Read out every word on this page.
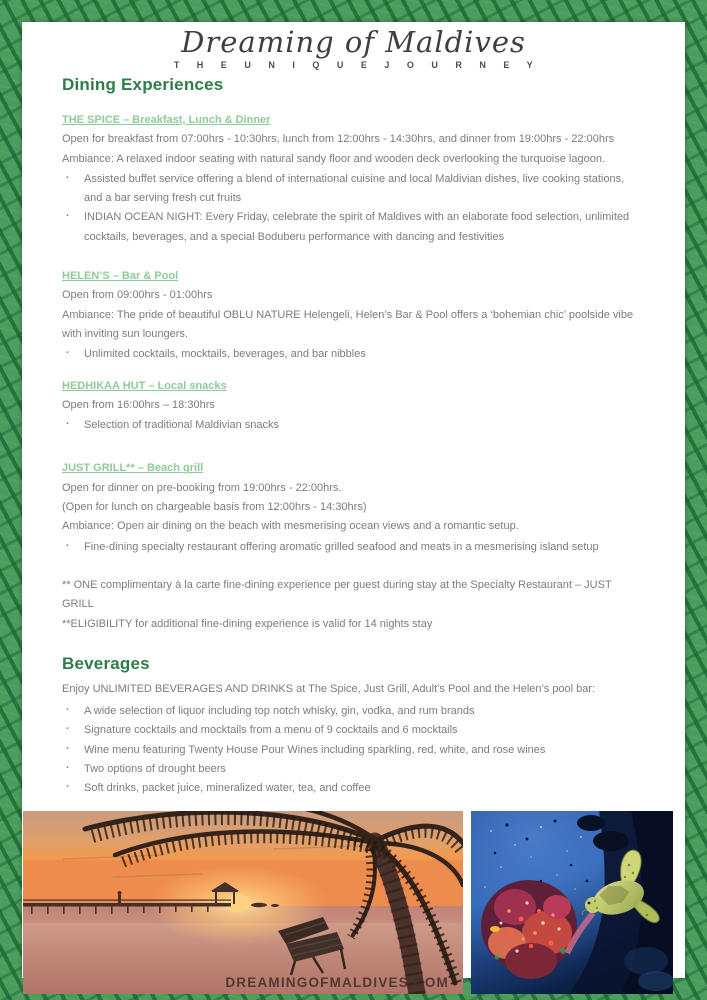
Dreaming of Maldives
T H E U N I Q U E J O U R N E Y
Dining Experiences
THE SPICE – Breakfast, Lunch & Dinner

Open for breakfast from 07:00hrs - 10:30hrs, lunch from 12:00hrs - 14:30hrs, and dinner from 19:00hrs - 22:00hrs

Ambiance: A relaxed indoor seating with natural sandy floor and wooden deck overlooking the turquoise lagoon.

· Assisted buffet service offering a blend of international cuisine and local Maldivian dishes, live cooking stations, and a bar serving fresh cut fruits
· INDIAN OCEAN NIGHT: Every Friday, celebrate the spirit of Maldives with an elaborate food selection, unlimited cocktails, beverages, and a special Boduberu performance with dancing and festivities
HELEN’S – Bar & Pool

Open from 09:00hrs - 01:00hrs

Ambiance: The pride of beautiful OBLU NATURE Helengeli, Helen’s Bar & Pool offers a ‘bohemian chic’ poolside vibe with inviting sun loungers.

· Unlimited cocktails, mocktails, beverages, and bar nibbles
HEDHIKAA HUT – Local snacks

Open from 16:00hrs – 18:30hrs

· Selection of traditional Maldivian snacks
JUST GRILL** – Beach grill

Open for dinner on pre-booking from 19:00hrs - 22:00hrs.

(Open for lunch on chargeable basis from 12:00hrs - 14:30hrs)

Ambiance: Open air dining on the beach with mesmerising ocean views and a romantic setup.

· Fine-dining specialty restaurant offering aromatic grilled seafood and meats in a mesmerising island setup

** ONE complimentary à la carte fine-dining experience per guest during stay at the Specialty Restaurant – JUST GRILL

**ELIGIBILITY for additional fine-dining experience is valid for 14 nights stay

Beverages

Enjoy UNLIMITED BEVERAGES AND DRINKS at The Spice, Just Grill, Adult’s Pool and the Helen’s pool bar:

· A wide selection of liquor including top notch whisky, gin, vodka, and rum brands
· Signature cocktails and mocktails from a menu of 9 cocktails and 6 mocktails
· Wine menu featuring Twenty House Pour Wines including sparkling, red, white, and rose wines
· Two options of drought beers
· Soft drinks, packet juice, mineralized water, tea, and coffee
DREAMINGOFMALDIVES.COM
